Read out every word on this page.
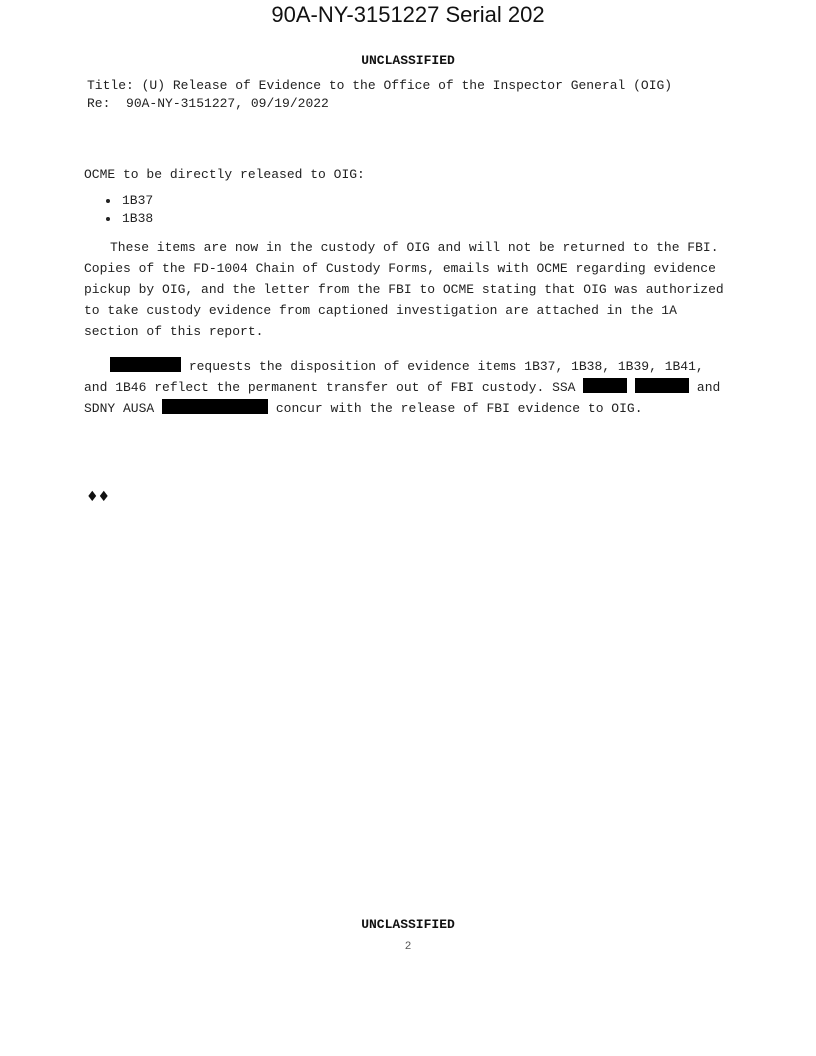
90A-NY-3151227 Serial 202
UNCLASSIFIED

Title: (U) Release of Evidence to the Office of the Inspector General (OIG)

Re: 90A-NY-3151227, 09/19/2022

OCME to be directly released to OIG:

1B37
1B38

These items are now in the custody of OIG and will not be returned to the FBI. Copies of the FD-1004 Chain of Custody Forms, emails with OCME regarding evidence pickup by OIG, and the letter from the FBI to OCME stating that OIG was authorized to take custody evidence from captioned investigation are attached in the 1A section of this report.

requests the disposition of evidence items 1B37, 1B38, 1B39, 1B41, and 1B46 reflect the permanent transfer out of FBI custody. SSA	and SDNY AUSA	concur with the release of FBI evidence to OIG.

♦♦
UNCLASSIFIED
2
